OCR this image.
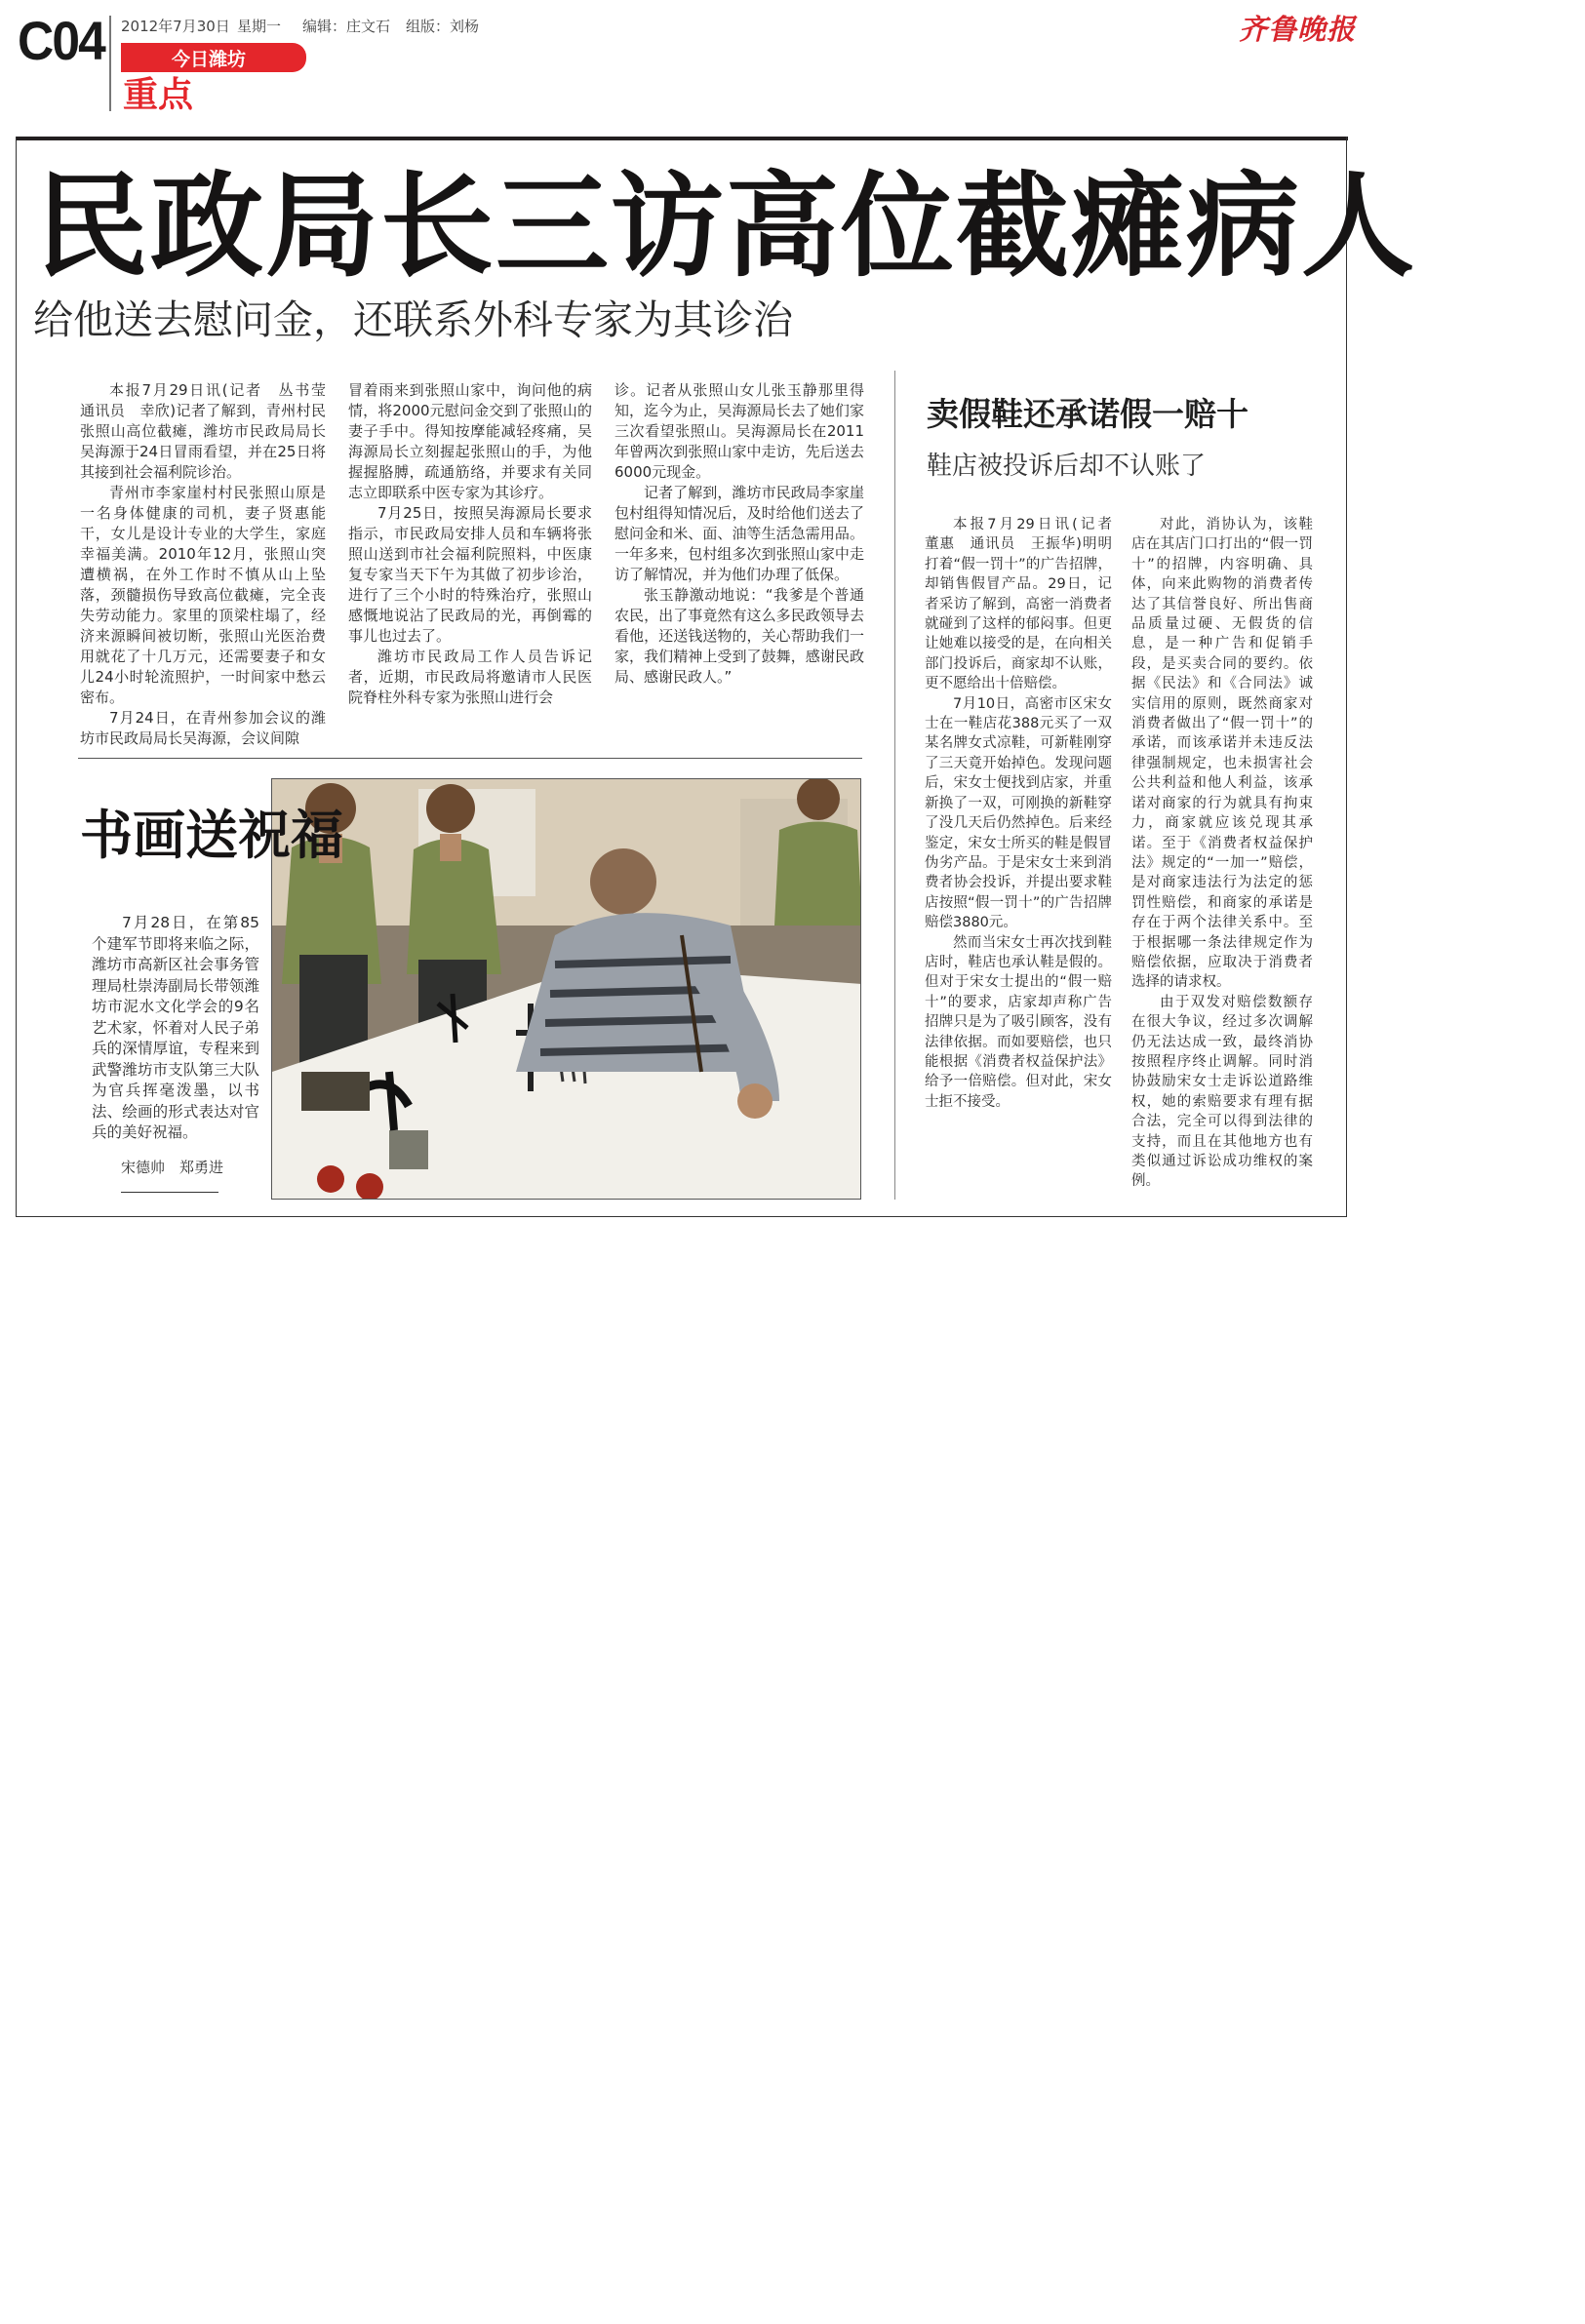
C04 2012年7月30日 星期一 编辑：庄文石 组版：刘杨
今日潍坊
重点
齐鲁晚报
民政局长三访高位截瘫病人
给他送去慰问金，还联系外科专家为其诊治

本报7月29日讯(记者　丛书莹　通讯员　幸欣)记者了解到，青州村民张照山高位截瘫，潍坊市民政局局长吴海源于24日冒雨看望，并在25日将其接到社会福利院诊治。

青州市李家崖村村民张照山原是一名身体健康的司机，妻子贤惠能干，女儿是设计专业的大学生，家庭幸福美满。2010年12月，张照山突遭横祸，在外工作时不慎从山上坠落，颈髓损伤导致高位截瘫，完全丧失劳动能力。家里的顶梁柱塌了，经济来源瞬间被切断，张照山光医治费用就花了十几万元，还需要妻子和女儿24小时轮流照护，一时间家中愁云密布。

7月24日，在青州参加会议的潍坊市民政局局长吴海源，会议间隙

冒着雨来到张照山家中，询问他的病情，将2000元慰问金交到了张照山的妻子手中。得知按摩能减轻疼痛，吴海源局长立刻握起张照山的手，为他握握胳膊，疏通筋络，并要求有关同志立即联系中医专家为其诊疗。

7月25日，按照吴海源局长要求指示，市民政局安排人员和车辆将张照山送到市社会福利院照料，中医康复专家当天下午为其做了初步诊治，进行了三个小时的特殊治疗，张照山感慨地说沾了民政局的光，再倒霉的事儿也过去了。

潍坊市民政局工作人员告诉记者，近期，市民政局将邀请市人民医院脊柱外科专家为张照山进行会

诊。记者从张照山女儿张玉静那里得知，迄今为止，吴海源局长去了她们家三次看望张照山。吴海源局长在2011年曾两次到张照山家中走访，先后送去6000元现金。

记者了解到，潍坊市民政局李家崖包村组得知情况后，及时给他们送去了慰问金和米、面、油等生活急需用品。一年多来，包村组多次到张照山家中走访了解情况，并为他们办理了低保。

张玉静激动地说：“我爹是个普通农民，出了事竟然有这么多民政领导去看他，还送钱送物的，关心帮助我们一家，我们精神上受到了鼓舞，感谢民政局、感谢民政人。”

卖假鞋还承诺假一赔十
鞋店被投诉后却不认账了

本报7月29日讯(记者　董惠　通讯员　王振华)明明打着“假一罚十”的广告招牌，却销售假冒产品。29日，记者采访了解到，高密一消费者就碰到了这样的郁闷事。但更让她难以接受的是，在向相关部门投诉后，商家却不认账，更不愿给出十倍赔偿。

7月10日，高密市区宋女士在一鞋店花388元买了一双某名牌女式凉鞋，可新鞋刚穿了三天竟开始掉色。发现问题后，宋女士便找到店家，并重新换了一双，可刚换的新鞋穿了没几天后仍然掉色。后来经鉴定，宋女士所买的鞋是假冒伪劣产品。于是宋女士来到消费者协会投诉，并提出要求鞋店按照“假一罚十”的广告招牌赔偿3880元。

然而当宋女士再次找到鞋店时，鞋店也承认鞋是假的。但对于宋女士提出的“假一赔十”的要求，店家却声称广告招牌只是为了吸引顾客，没有法律依据。而如要赔偿，也只能根据《消费者权益保护法》给予一倍赔偿。但对此，宋女士拒不接受。

对此，消协认为，该鞋店在其店门口打出的“假一罚十”的招牌，内容明确、具体，向来此购物的消费者传达了其信誉良好、所出售商品质量过硬、无假货的信息，是一种广告和促销手段，是买卖合同的要约。依据《民法》和《合同法》诚实信用的原则，既然商家对消费者做出了“假一罚十”的承诺，而该承诺并未违反法律强制规定，也未损害社会公共利益和他人利益，该承诺对商家的行为就具有拘束力，商家就应该兑现其承诺。至于《消费者权益保护法》规定的“一加一”赔偿，是对商家违法行为法定的惩罚性赔偿，和商家的承诺是存在于两个法律关系中。至于根据哪一条法律规定作为赔偿依据，应取决于消费者选择的请求权。

由于双发对赔偿数额存在很大争议，经过多次调解仍无法达成一致，最终消协按照程序终止调解。同时消协鼓励宋女士走诉讼道路维权，她的索赔要求有理有据合法，完全可以得到法律的支持，而且在其他地方也有类似通过诉讼成功维权的案例。

书画送祝福

7月28日，在第85个建军节即将来临之际，潍坊市高新区社会事务管理局杜崇涛副局长带领潍坊市泥水文化学会的9名艺术家，怀着对人民子弟兵的深情厚谊，专程来到武警潍坊市支队第三大队为官兵挥毫泼墨，以书法、绘画的形式表达对官兵的美好祝福。

宋德帅　郑勇进
